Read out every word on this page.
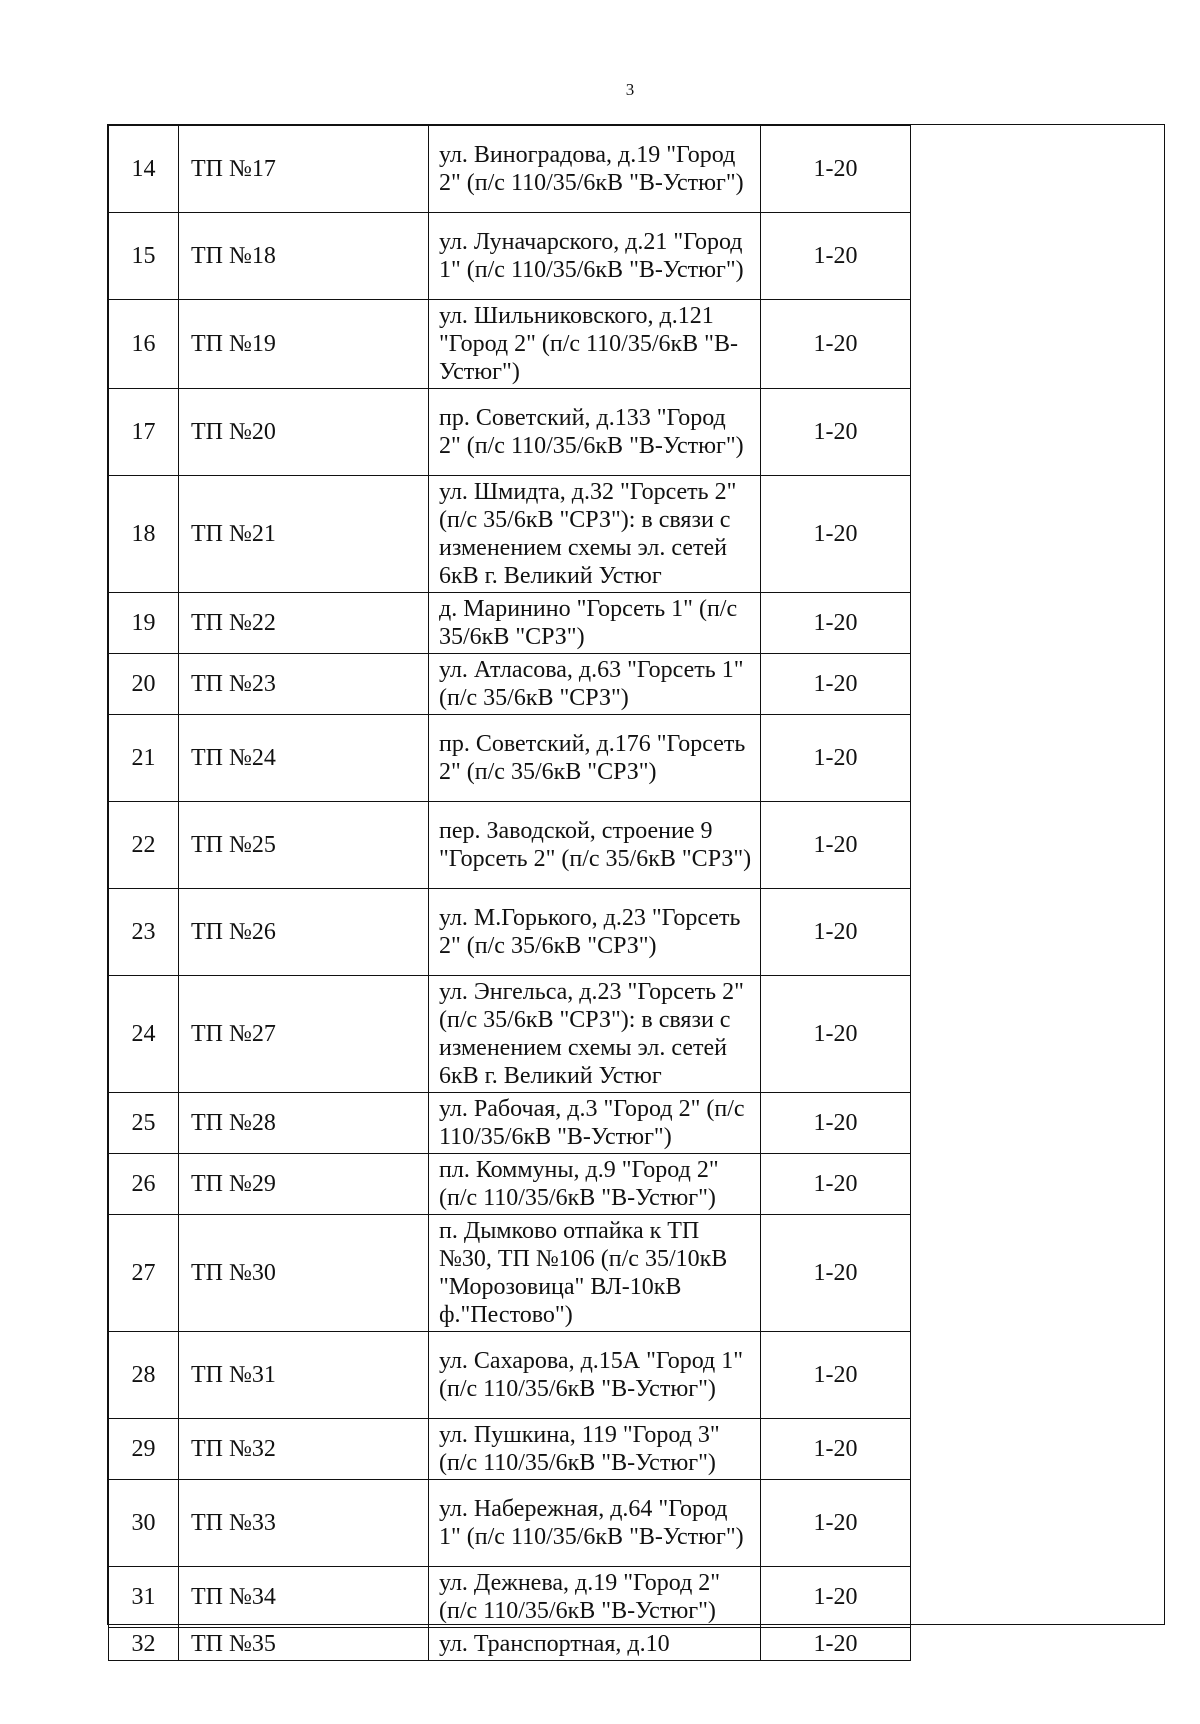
3
14	ТП №17	ул. Виноградова, д.19 "Город 2" (п/с 110/35/6кВ "В-Устюг")	1-20
15	ТП №18	ул. Луначарского, д.21 "Город 1" (п/с 110/35/6кВ "В-Устюг")	1-20
16	ТП №19	ул. Шильниковского, д.121 "Город 2" (п/с 110/35/6кВ "В-Устюг")	1-20
17	ТП №20	пр. Советский, д.133 "Город 2" (п/с 110/35/6кВ "В-Устюг")	1-20
18	ТП №21	ул. Шмидта, д.32 "Горсеть 2" (п/с 35/6кВ "СРЗ"): в связи с изменением схемы эл. сетей 6кВ г. Великий Устюг	1-20
19	ТП №22	д. Маринино "Горсеть 1" (п/с 35/6кВ "СРЗ")	1-20
20	ТП №23	ул. Атласова, д.63 "Горсеть 1" (п/с 35/6кВ "СРЗ")	1-20
21	ТП №24	пр. Советский, д.176 "Горсеть 2" (п/с 35/6кВ "СРЗ")	1-20
22	ТП №25	пер. Заводской, строение 9 "Горсеть 2" (п/с 35/6кВ "СРЗ")	1-20
23	ТП №26	ул. М.Горького, д.23 "Горсеть 2" (п/с 35/6кВ "СРЗ")	1-20
24	ТП №27	ул. Энгельса, д.23 "Горсеть 2" (п/с 35/6кВ "СРЗ"): в связи с изменением схемы эл. сетей 6кВ г. Великий Устюг	1-20
25	ТП №28	ул. Рабочая, д.3 "Город 2" (п/с 110/35/6кВ "В-Устюг")	1-20
26	ТП №29	пл. Коммуны, д.9 "Город 2" (п/с 110/35/6кВ "В-Устюг")	1-20
27	ТП №30	п. Дымково отпайка к ТП №30, ТП №106 (п/с 35/10кВ "Морозовица" ВЛ-10кВ ф."Пестово")	1-20
28	ТП №31	ул. Сахарова, д.15А "Город 1" (п/с 110/35/6кВ "В-Устюг")	1-20
29	ТП №32	ул. Пушкина, 119 "Город 3" (п/с 110/35/6кВ "В-Устюг")	1-20
30	ТП №33	ул. Набережная, д.64 "Город 1" (п/с 110/35/6кВ "В-Устюг")	1-20
31	ТП №34	ул. Дежнева, д.19 "Город 2" (п/с 110/35/6кВ "В-Устюг")	1-20
32	ТП №35	ул. Транспортная, д.10	1-20
